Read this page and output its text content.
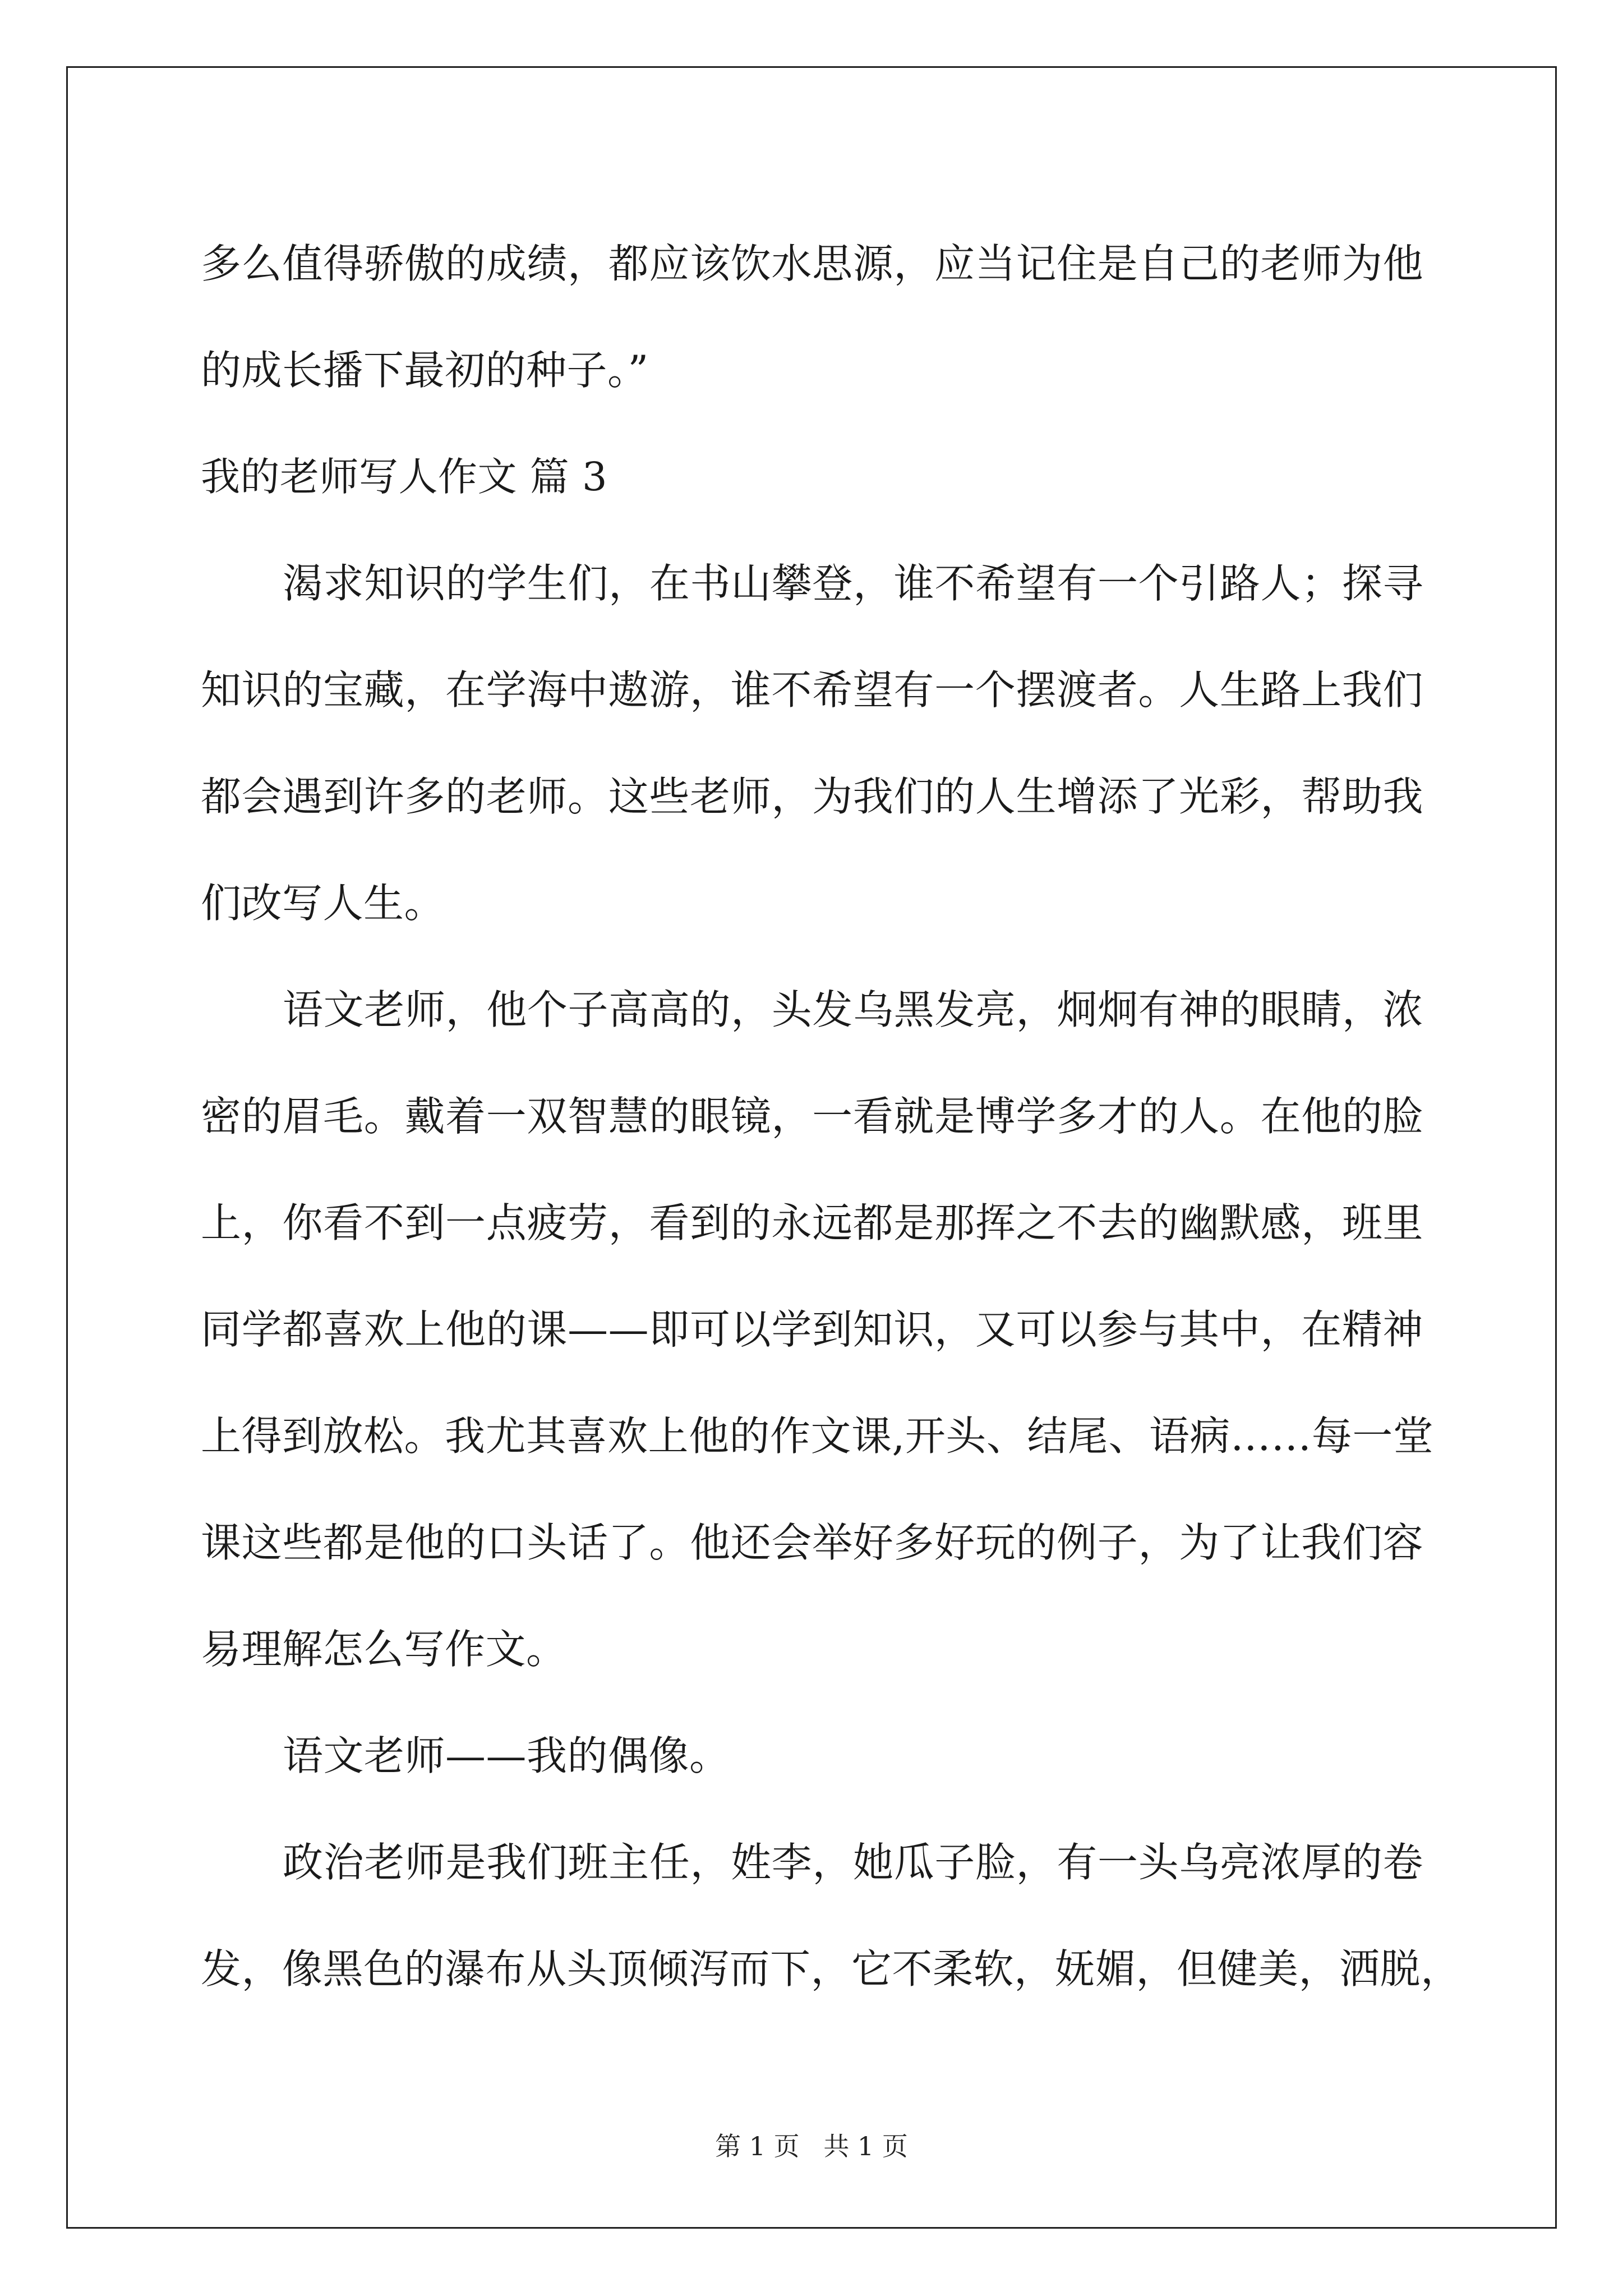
多么值得骄傲的成绩，都应该饮水思源，应当记住是自己的老师为他
的成长播下最初的种子。”
我的老师写人作文 篇 3
渴求知识的学生们，在书山攀登，谁不希望有一个引路人；探寻
知识的宝藏，在学海中遨游，谁不希望有一个摆渡者。人生路上我们
都会遇到许多的老师。这些老师，为我们的人生增添了光彩，帮助我
们改写人生。
语文老师，他个子高高的，头发乌黑发亮，炯炯有神的眼睛，浓
密的眉毛。戴着一双智慧的眼镜，一看就是博学多才的人。在他的脸
上，你看不到一点疲劳，看到的永远都是那挥之不去的幽默感，班里
同学都喜欢上他的课——即可以学到知识，又可以参与其中，在精神
上得到放松。我尤其喜欢上他的作文课,开头、结尾、语病……每一堂
课这些都是他的口头话了。他还会举好多好玩的例子，为了让我们容
易理解怎么写作文。
语文老师——我的偶像。
政治老师是我们班主任，姓李，她瓜子脸，有一头乌亮浓厚的卷
发，像黑色的瀑布从头顶倾泻而下，它不柔软，妩媚，但健美，洒脱，
第 1 页 共 1 页
